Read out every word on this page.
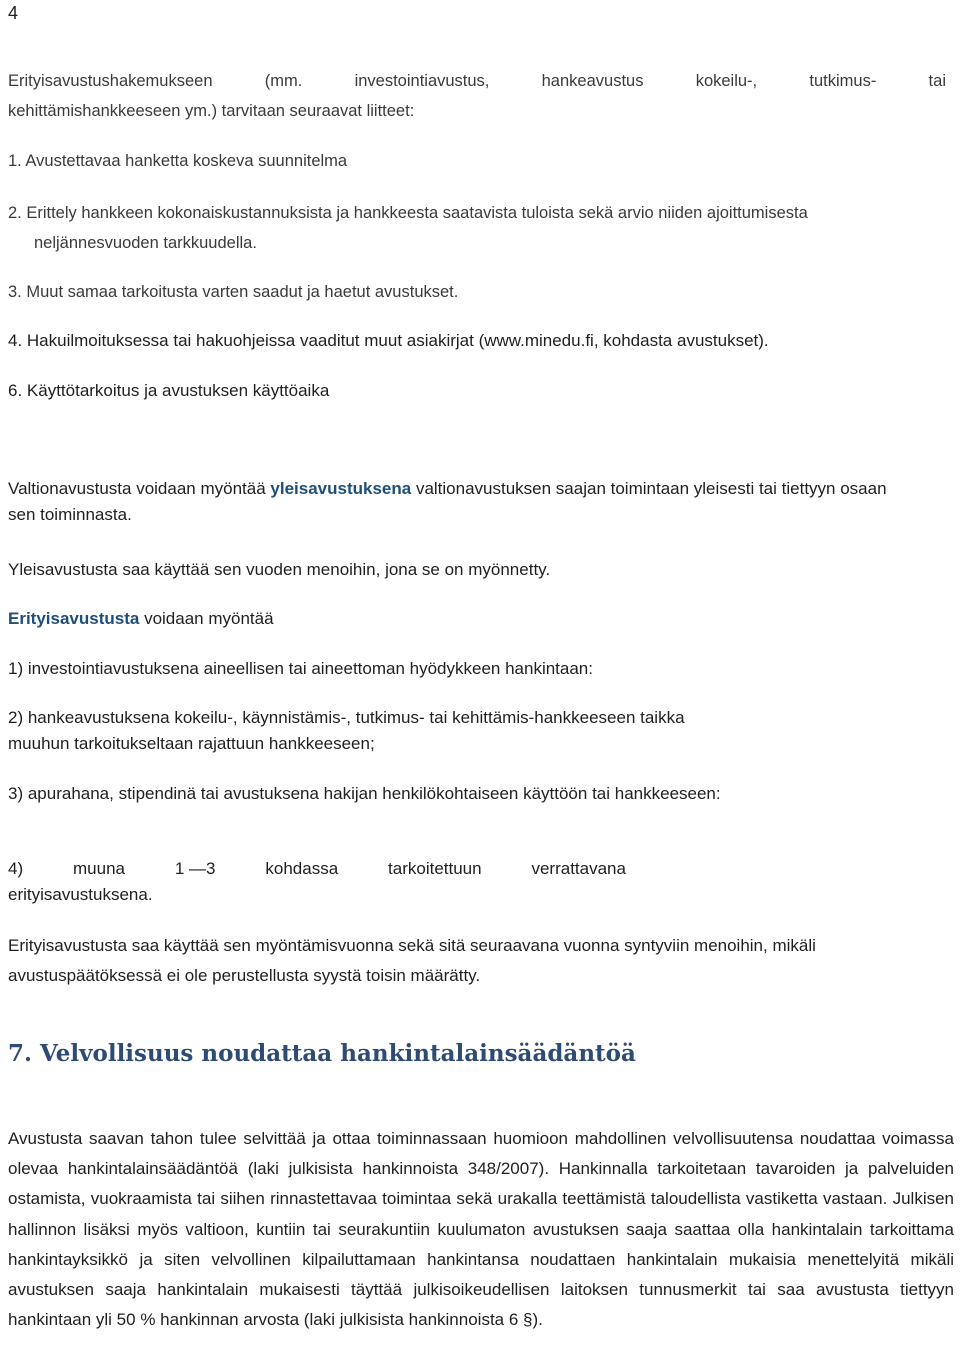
4
Erityisavustushakemukseen (mm. investointiavustus, hankeavustus kokeilu-, tutkimus- tai
kehittämishankkeeseen ym.) tarvitaan seuraavat liitteet:
1. Avustettavaa hanketta koskeva suunnitelma
2. Erittely hankkeen kokonaiskustannuksista ja hankkeesta saatavista tuloista sekä arvio niiden ajoittumisesta neljännesvuoden tarkkuudella.
3. Muut samaa tarkoitusta varten saadut ja haetut avustukset.
4. Hakuilmoituksessa tai hakuohjeissa vaaditut muut asiakirjat (www.minedu.fi, kohdasta avustukset).
6. Käyttötarkoitus ja avustuksen käyttöaika
Valtionavustusta voidaan myöntää yleisavustuksena valtionavustuksen saajan toimintaan yleisesti tai tiettyyn osaan sen toiminnasta.
Yleisavustusta saa käyttää sen vuoden menoihin, jona se on myönnetty.
Erityisavustusta voidaan myöntää
1) investointiavustuksena aineellisen tai aineettoman hyödykkeen hankintaan:
2) hankeavustuksena kokeilu-, käynnistämis-, tutkimus- tai kehittämis-hankkeeseen taikka muuhun tarkoitukseltaan rajattuun hankkeeseen;
3) apurahana, stipendinä tai avustuksena hakijan henkilökohtaiseen käyttöön tai hankkeeseen:
4)	muuna	1 —3	kohdassa	tarkoitettuun	verrattavana
erityisavustuksena.
Erityisavustusta saa käyttää sen myöntämisvuonna sekä sitä seuraavana vuonna syntyviin menoihin, mikäli avustuspäätöksessä ei ole perustellusta syystä toisin määrätty.
7. Velvollisuus noudattaa hankintalainsäädäntöä

Avustusta saavan tahon tulee selvittää ja ottaa toiminnassaan huomioon mahdollinen velvollisuutensa noudattaa voimassa olevaa hankintalainsäädäntöä (laki julkisista hankinnoista 348/2007). Hankinnalla tarkoitetaan tavaroiden ja palveluiden ostamista, vuokraamista tai siihen rinnastettavaa toimintaa sekä urakalla teettämistä taloudellista vastiketta vastaan. Julkisen hallinnon lisäksi myös valtioon, kuntiin tai seurakuntiin kuulumaton avustuksen saaja saattaa olla hankintalain tarkoittama hankintayksikkö ja siten velvollinen kilpailuttamaan hankintansa noudattaen hankintalain mukaisia menettelyitä mikäli avustuksen saaja hankintalain mukaisesti täyttää julkisoikeudellisen laitoksen tunnusmerkit tai saa avustusta tiettyyn hankintaan yli 50 % hankinnan arvosta (laki julkisista hankinnoista 6 §).
